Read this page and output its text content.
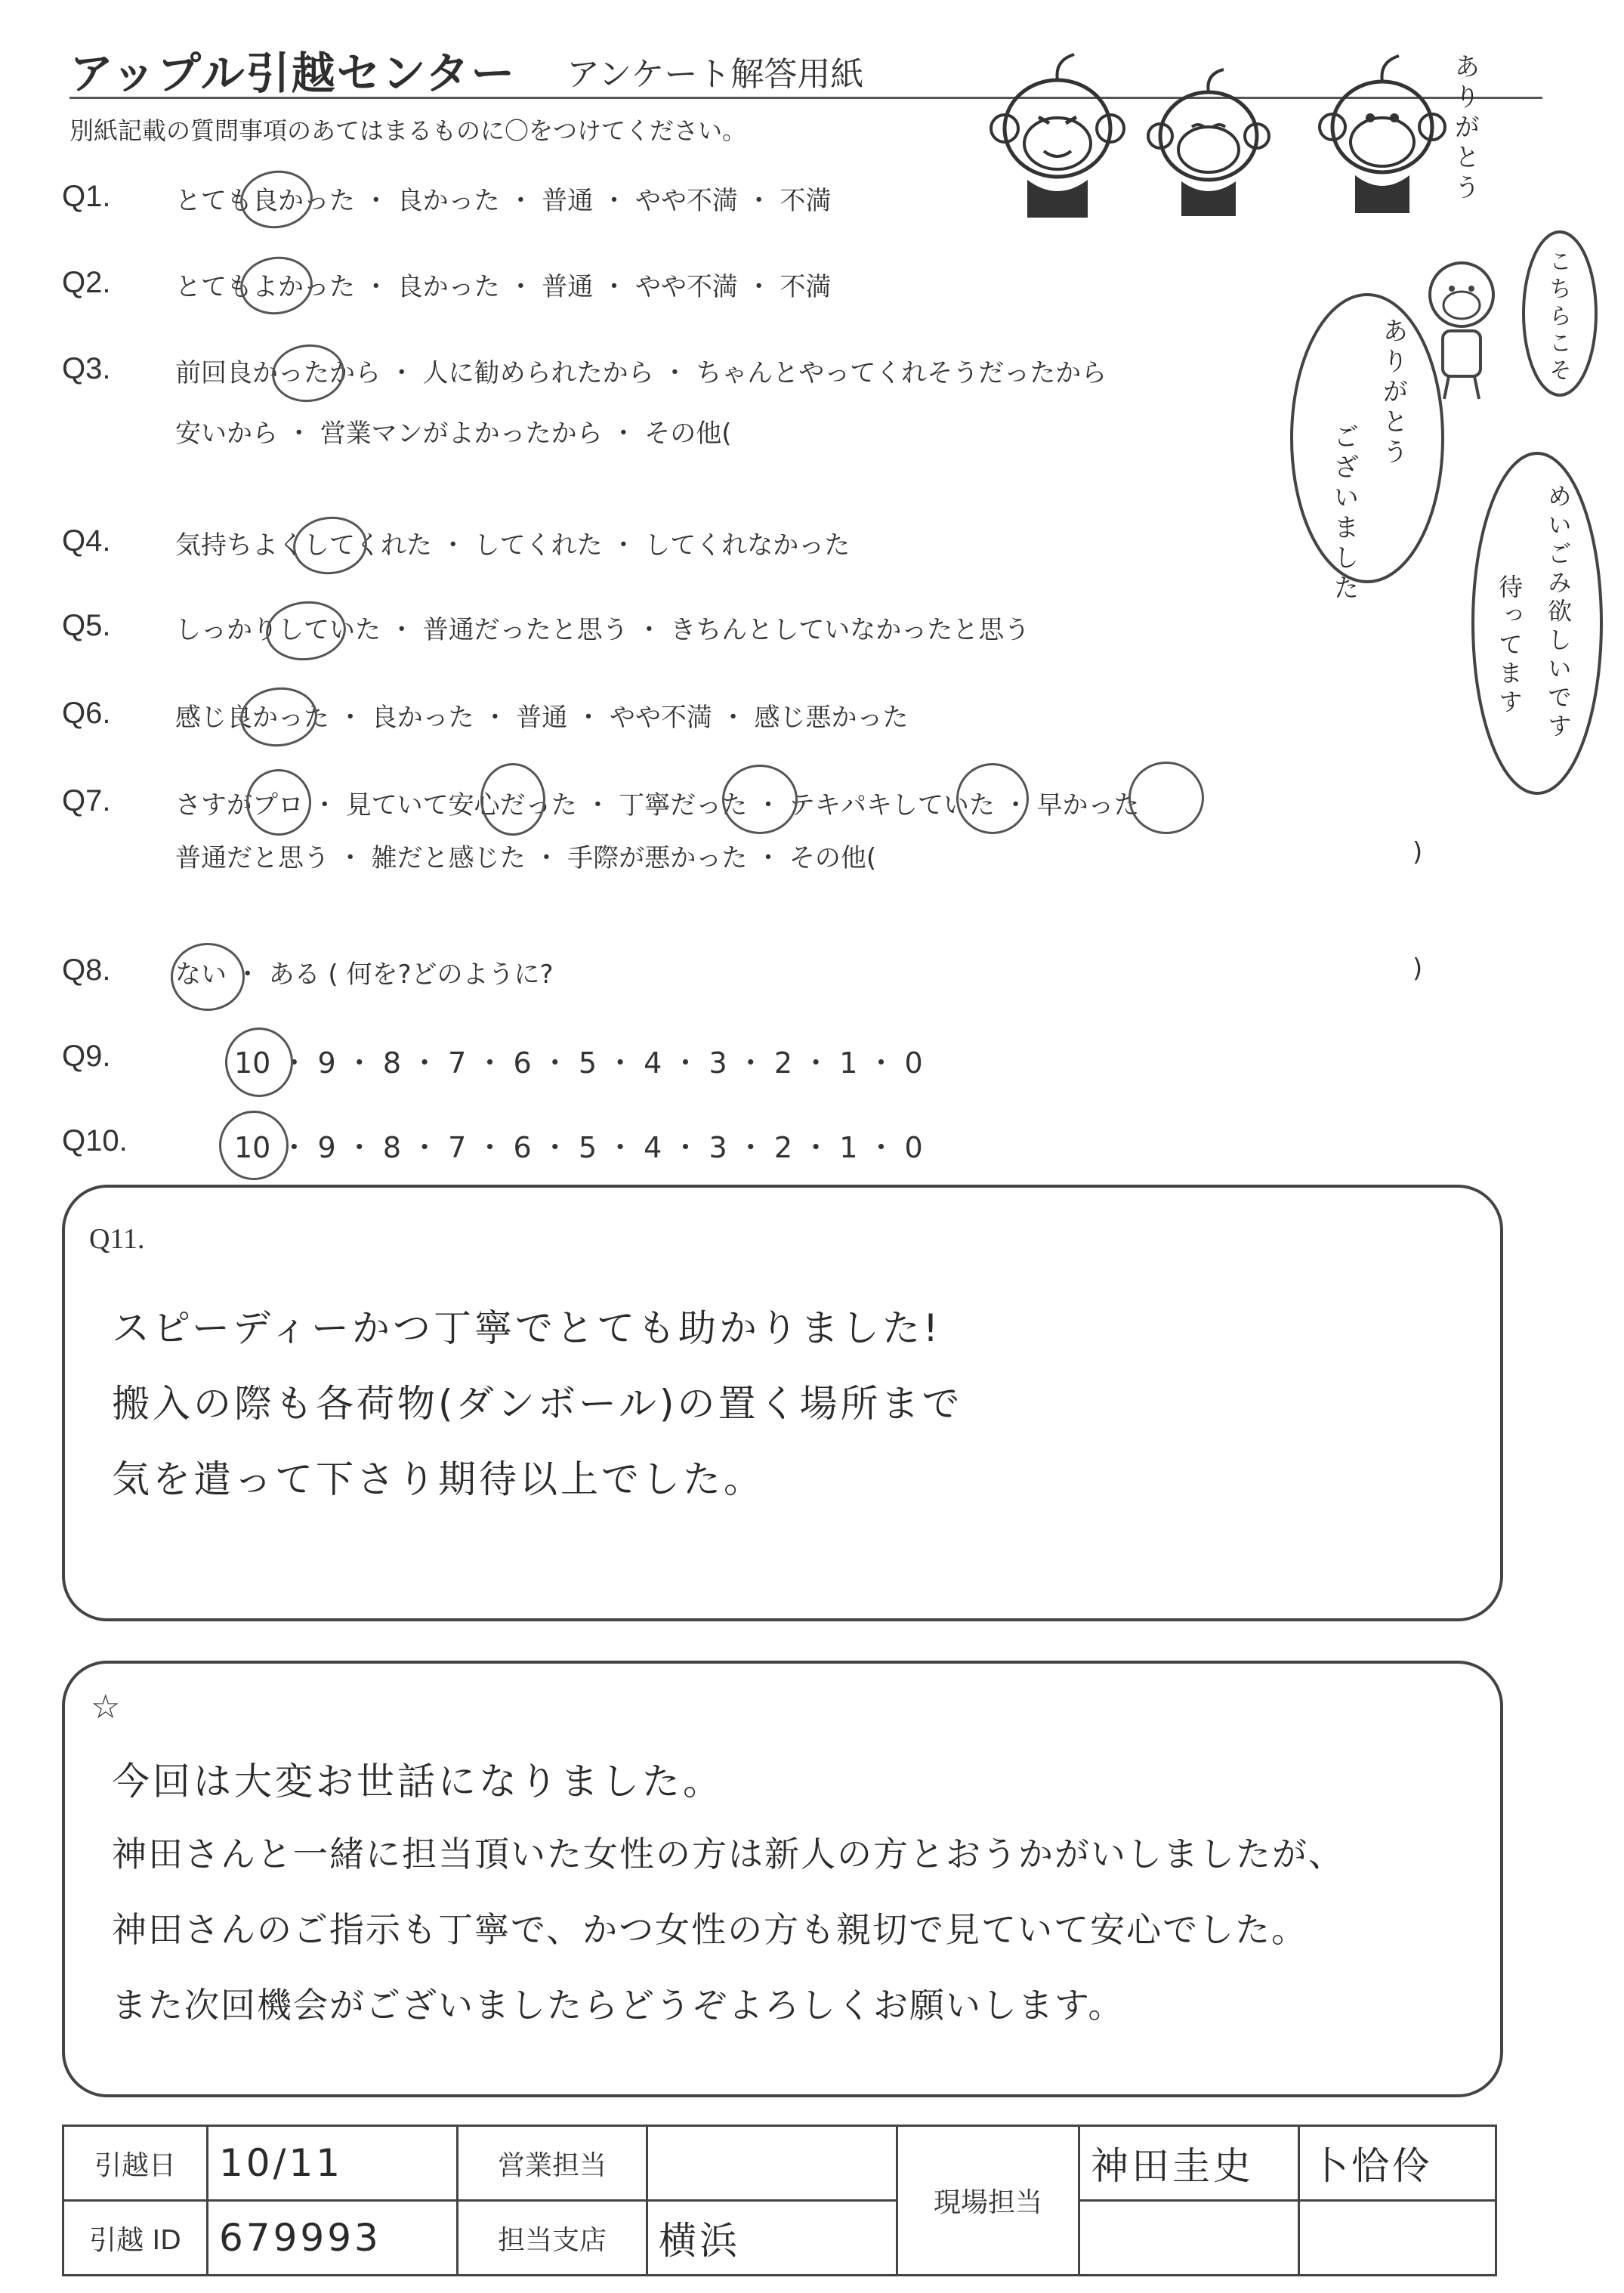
アップル引越センター アンケート解答用紙
別紙記載の質問事項のあてはまるものに〇をつけてください。
Q1.	とても良かった ・ 良かった ・ 普通 ・ やや不満 ・ 不満
Q2.	とてもよかった ・ 良かった ・ 普通 ・ やや不満 ・ 不満
Q3.	前回良かったから ・ 人に勧められたから ・ ちゃんとやってくれそうだったから
安いから ・ 営業マンがよかったから ・ その他(
Q4.	気持ちよくしてくれた ・ してくれた ・ してくれなかった
Q5.	しっかりしていた ・ 普通だったと思う ・ きちんとしていなかったと思う
Q6.	感じ良かった ・ 良かった ・ 普通 ・ やや不満 ・ 感じ悪かった
Q7.	さすがプロ ・ 見ていて安心だった ・ 丁寧だった ・ テキパキしていた ・ 早かった
普通だと思う ・ 雑だと感じた ・ 手際が悪かった ・ その他(	)
Q8.	ない ・ ある ( 何を?どのように?	)
Q9.	10 ・ 9 ・ 8 ・ 7 ・ 6 ・ 5 ・ 4 ・ 3 ・ 2 ・ 1 ・ 0
Q10.	10 ・ 9 ・ 8 ・ 7 ・ 6 ・ 5 ・ 4 ・ 3 ・ 2 ・ 1 ・ 0
ありがとう
こちらこそ
ありがとう
ございました	めいごみ欲しいです
待ってます
Q11.
スピーディーかつ丁寧でとても助かりました!
搬入の際も各荷物(ダンボール)の置く場所まで
気を遣って下さり期待以上でした。
☆
今回は大変お世話になりました。
神田さんと一緒に担当頂いた女性の方は新人の方とおうかがいしましたが、
神田さんのご指示も丁寧で、かつ女性の方も親切で見ていて安心でした。
また次回機会がございましたらどうぞよろしくお願いします。
引越日	10/11	営業担当		現場担当	神田圭史	卜恰伶
引越 ID	679993	担当支店	横浜			
